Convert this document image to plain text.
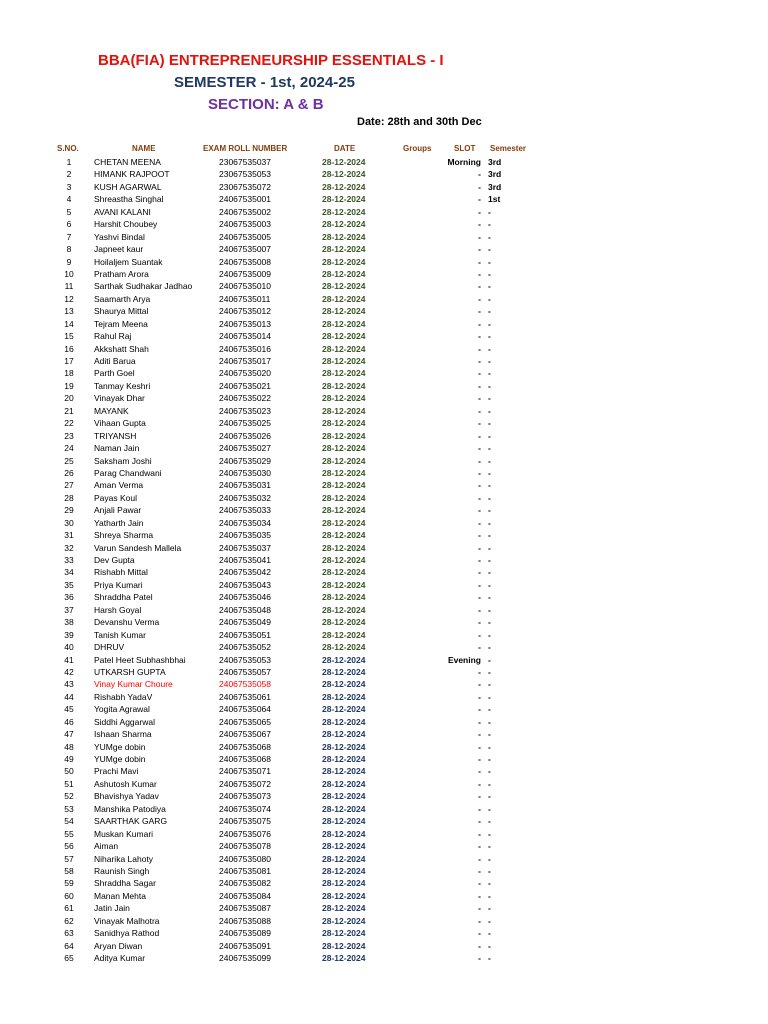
BBA(FIA) ENTREPRENEURSHIP ESSENTIALS - I
SEMESTER - 1st, 2024-25
SECTION: A & B
Date: 28th and 30th Dec
S.NO.	NAME	EXAM ROLL NUMBER	DATE	Groups	SLOT Semester
1	CHETAN MEENA	23067535037	28-12-2024	Morning 3rd
2	HIMANK RAJPOOT	23067535053	28-12-2024	- 3rd
3	KUSH AGARWAL	23067535072	28-12-2024	- 3rd
4	Shreastha Singhal	24067535001	28-12-2024	- 1st
5	AVANI KALANI	24067535002	28-12-2024	- -
6	Harshit Choubey	24067535003	28-12-2024	- -
7	Yashvi Bindal	24067535005	28-12-2024	- -
8	Japneet kaur	24067535007	28-12-2024	- -
9	Hoilaljem Suantak	24067535008	28-12-2024	- -
10	Pratham Arora	24067535009	28-12-2024	- -
11	Sarthak Sudhakar Jadhao	24067535010	28-12-2024	- -
12	Saamarth Arya	24067535011	28-12-2024	- -
13	Shaurya Mittal	24067535012	28-12-2024	- -
14	Tejram Meena	24067535013	28-12-2024	- -
15	Rahul Raj	24067535014	28-12-2024	- -
16	Akkshatt Shah	24067535016	28-12-2024	- -
17	Aditi Barua	24067535017	28-12-2024	- -
18	Parth Goel	24067535020	28-12-2024	- -
19	Tanmay Keshri	24067535021	28-12-2024	- -
20	Vinayak Dhar	24067535022	28-12-2024	- -
21	MAYANK	24067535023	28-12-2024	- -
22	Vihaan Gupta	24067535025	28-12-2024	- -
23	TRIYANSH	24067535026	28-12-2024	- -
24	Naman Jain	24067535027	28-12-2024	- -
25	Saksham Joshi	24067535029	28-12-2024	- -
26	Parag Chandwani	24067535030	28-12-2024	- -
27	Aman Verma	24067535031	28-12-2024	- -
28	Payas Koul	24067535032	28-12-2024	- -
29	Anjali Pawar	24067535033	28-12-2024	- -
30	Yatharth Jain	24067535034	28-12-2024	- -
31	Shreya Sharma	24067535035	28-12-2024	- -
32	Varun Sandesh Mallela	24067535037	28-12-2024	- -
33	Dev Gupta	24067535041	28-12-2024	- -
34	Rishabh Mittal	24067535042	28-12-2024	- -
35	Priya Kumari	24067535043	28-12-2024	- -
36	Shraddha Patel	24067535046	28-12-2024	- -
37	Harsh Goyal	24067535048	28-12-2024	- -
38	Devanshu Verma	24067535049	28-12-2024	- -
39	Tanish Kumar	24067535051	28-12-2024	- -
40	DHRUV	24067535052	28-12-2024	- -
41	Patel Heet Subhashbhai	24067535053	28-12-2024	Evening -
42	UTKARSH GUPTA	24067535057	28-12-2024	- -
43	Vinay Kumar Choure	24067535058	28-12-2024	- -
44	Rishabh YadaV	24067535061	28-12-2024	- -
45	Yogita Agrawal	24067535064	28-12-2024	- -
46	Siddhi Aggarwal	24067535065	28-12-2024	- -
47	Ishaan Sharma	24067535067	28-12-2024	- -
48	YUMge dobin	24067535068	28-12-2024	- -
49	YUMge dobin	24067535068	28-12-2024	- -
50	Prachi Mavi	24067535071	28-12-2024	- -
51	Ashutosh Kumar	24067535072	28-12-2024	- -
52	Bhavishya Yadav	24067535073	28-12-2024	- -
53	Manshika Patodiya	24067535074	28-12-2024	- -
54	SAARTHAK GARG	24067535075	28-12-2024	- -
55	Muskan Kumari	24067535076	28-12-2024	- -
56	Aiman	24067535078	28-12-2024	- -
57	Niharika Lahoty	24067535080	28-12-2024	- -
58	Raunish Singh	24067535081	28-12-2024	- -
59	Shraddha Sagar	24067535082	28-12-2024	- -
60	Manan Mehta	24067535084	28-12-2024	- -
61	Jatin Jain	24067535087	28-12-2024	- -
62	Vinayak Malhotra	24067535088	28-12-2024	- -
63	Sanidhya Rathod	24067535089	28-12-2024	- -
64	Aryan Diwan	24067535091	28-12-2024	- -
65	Aditya Kumar	24067535099	28-12-2024	- -
